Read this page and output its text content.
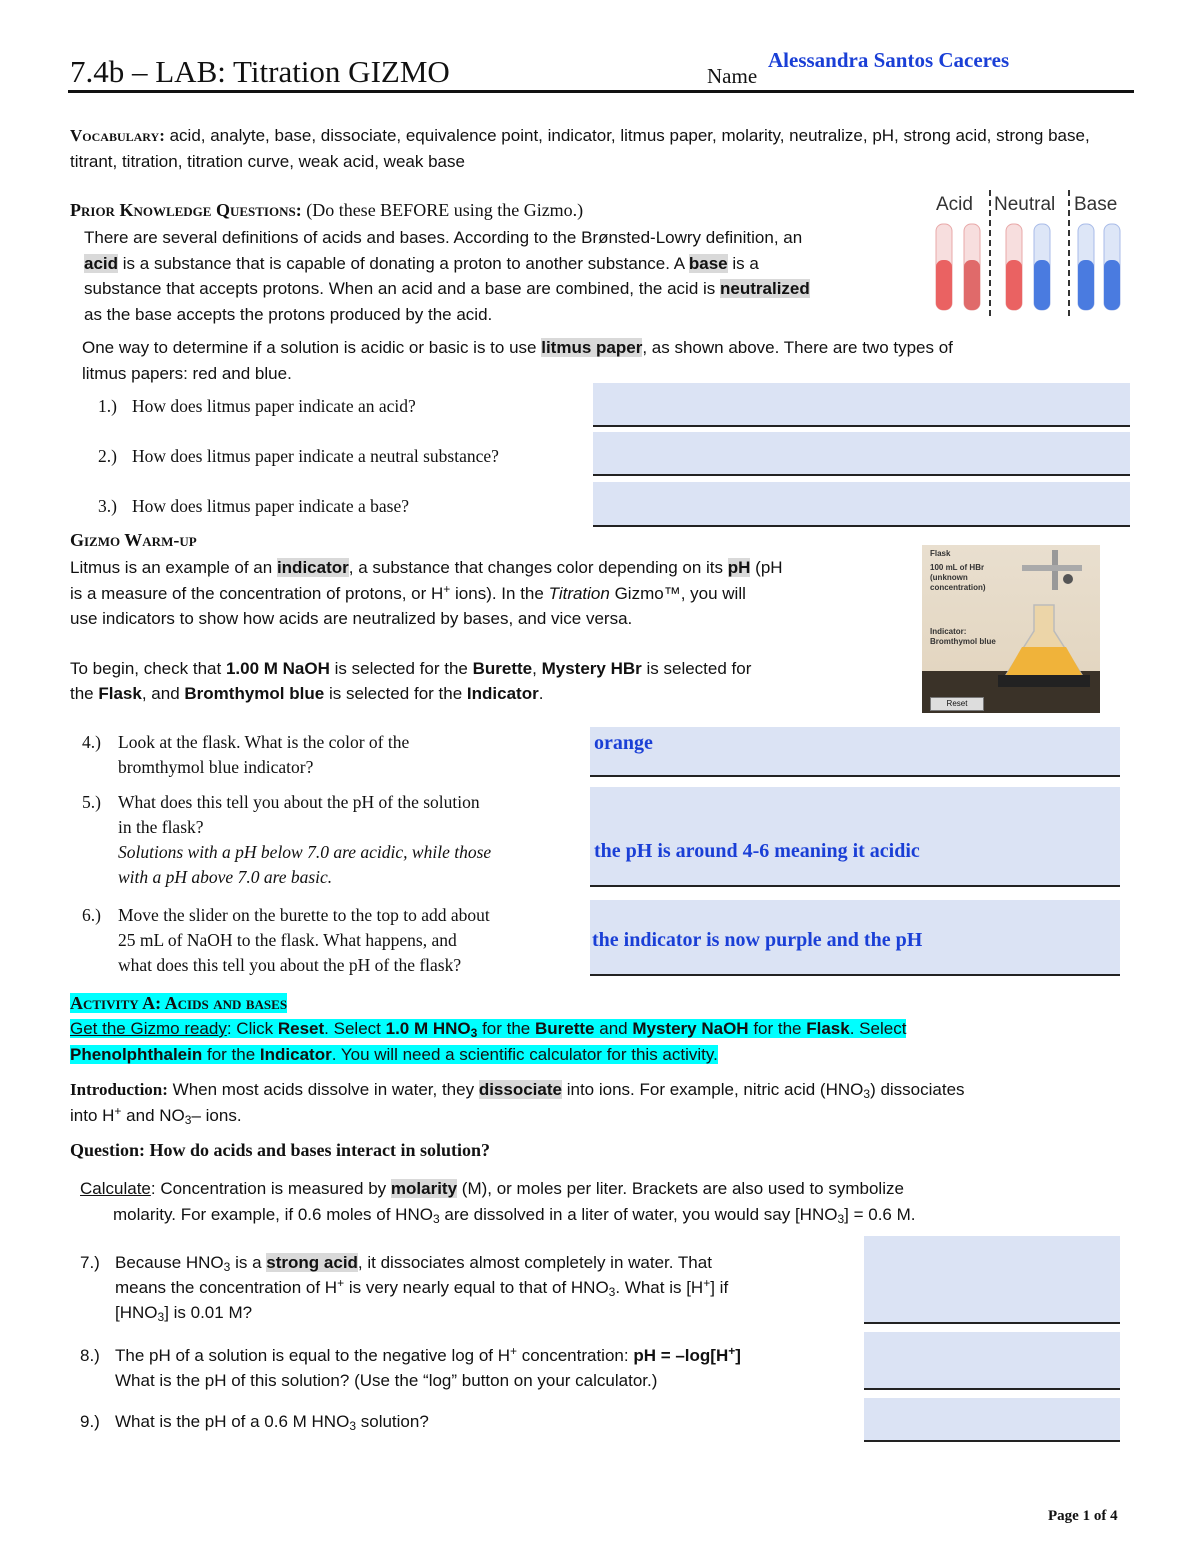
7.4b – LAB: Titration GIZMO	Name
Alessandra Santos Caceres
Vocabulary: acid, analyte, base, dissociate, equivalence point, indicator, litmus paper, molarity, neutralize, pH, strong acid, strong base, titrant, titration, titration curve, weak acid, weak base
Prior Knowledge Questions: (Do these BEFORE using the Gizmo.)
There are several definitions of acids and bases. According to the Brønsted-Lowry definition, an
acid is a substance that is capable of donating a proton to another substance. A base is a
substance that accepts protons. When an acid and a base are combined, the acid is neutralized
as the base accepts the protons produced by the acid.
Acid Neutral Base
One way to determine if a solution is acidic or basic is to use litmus paper, as shown above. There are two types of
litmus papers: red and blue.
1.) How does litmus paper indicate an acid?
2.) How does litmus paper indicate a neutral substance?
3.) How does litmus paper indicate a base?
Gizmo Warm-up
Litmus is an example of an indicator, a substance that changes color depending on its pH (pH
is a measure of the concentration of protons, or H+ ions). In the Titration Gizmo™, you will
use indicators to show how acids are neutralized by bases, and vice versa.
To begin, check that 1.00 M NaOH is selected for the Burette, Mystery HBr is selected for
the Flask, and Bromthymol blue is selected for the Indicator.
Flask
100 mL of HBr (unknown concentration)
Indicator:
Bromthymol blue
Reset
4.) Look at the flask. What is the color of the
bromthymol blue indicator?
orange
5.) What does this tell you about the pH of the solution
in the flask?
Solutions with a pH below 7.0 are acidic, while those
with a pH above 7.0 are basic.
the pH is around 4-6 meaning it acidic
6.) Move the slider on the burette to the top to add about
25 mL of NaOH to the flask. What happens, and
what does this tell you about the pH of the flask?
the indicator is now purple and the pH
Activity A: Acids and bases
Get the Gizmo ready: Click Reset. Select 1.0 M $HNO_3$ for the Burette and Mystery NaOH for the Flask. Select
Phenolphthalein for the Indicator. You will need a scientific calculator for this activity.
Introduction: When most acids dissolve in water, they dissociate into ions. For example, nitric acid $(HNO_3)$ dissociates
into H+ and $NO_3-$ ions.
Question: How do acids and bases interact in solution?
Calculate: Concentration is measured by molarity (M), or moles per liter. Brackets are also used to symbolize
molarity. For example, if 0.6 moles of $HNO_3$ are dissolved in a liter of water, you would say $[HNO_3] = 0.6$ M.
7.) Because $HNO_3$ is a strong acid, it dissociates almost completely in water. That
means the concentration of H+ is very nearly equal to that of $HNO_3$. What is [H+] if
$[HNO_3]$ is 0.01 M?
8.) The pH of a solution is equal to the negative log of H+ concentration: pH = –log[H+]
What is the pH of this solution? (Use the “log” button on your calculator.)
9.) What is the pH of a 0.6 M $HNO_3$ solution?
Page 1 of 4
